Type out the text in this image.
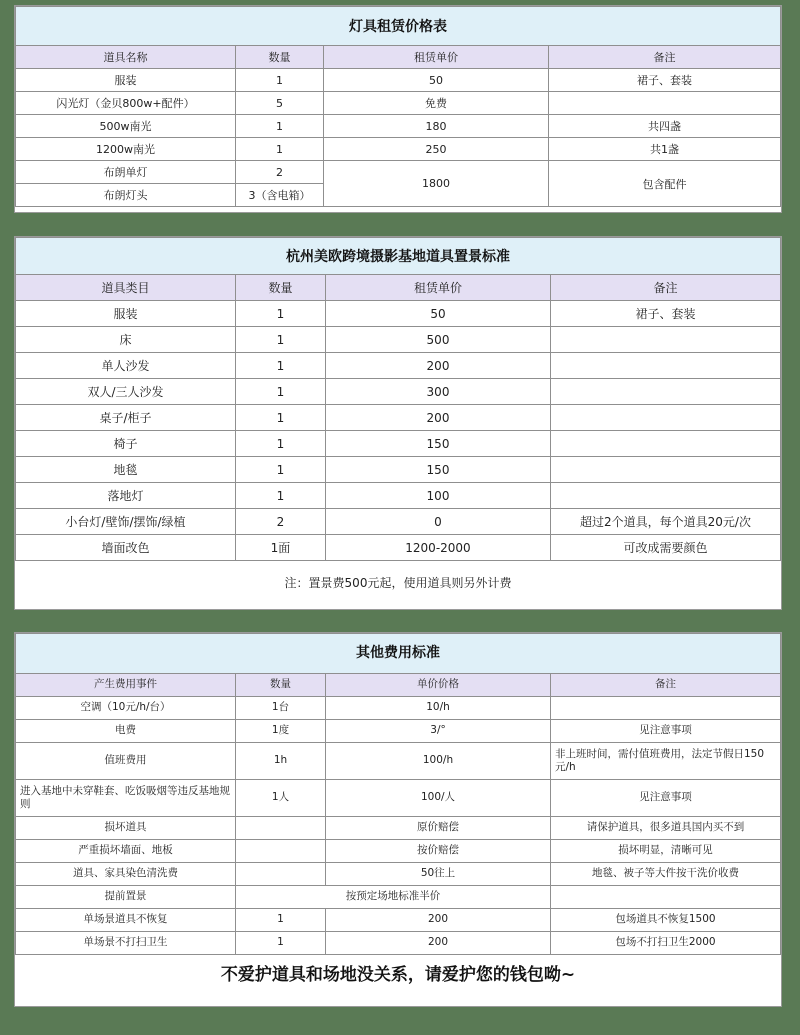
灯具租赁价格表			
道具名称	数量	租赁单价	备注
服装	1	50	裙子、套装
闪光灯（金贝800w+配件）	5	免费	
500w南光	1	180	共四盏
1200w南光	1	250	共1盏
布朗单灯	2	1800	包含配件
布朗灯头	3（含电箱）		
杭州美欧跨境摄影基地道具置景标准			
道具类目	数量	租赁单价	备注
服装	1	50	裙子、套装
床	1	500	
单人沙发	1	200	
双人/三人沙发	1	300	
桌子/柜子	1	200	
椅子	1	150	
地毯	1	150	
落地灯	1	100	
小台灯/壁饰/摆饰/绿植	2	0	超过2个道具，每个道具20元/次
墙面改色	1面	1200-2000	可改成需要颜色
注：置景费500元起，使用道具则另外计费			
其他费用标准			
产生费用事件	数量	单价价格	备注
空调（10元/h/台）	1台	10/h	
电费	1度	3/°	见注意事项
值班费用	1h	100/h	非上班时间，需付值班费用，法定节假日150元/h
进入基地中未穿鞋套、吃饭吸烟等违反基地规则	1人	100/人	见注意事项
损坏道具		原价赔偿	请保护道具，很多道具国内买不到
严重损坏墙面、地板		按价赔偿	损坏明显，清晰可见
道具、家具染色清洗费		50往上	地毯、被子等大件按干洗价收费
提前置景	按预定场地标准半价		
单场景道具不恢复	1	200	包场道具不恢复1500
单场景不打扫卫生	1	200	包场不打扫卫生2000
不爱护道具和场地没关系，请爱护您的钱包呦~			
